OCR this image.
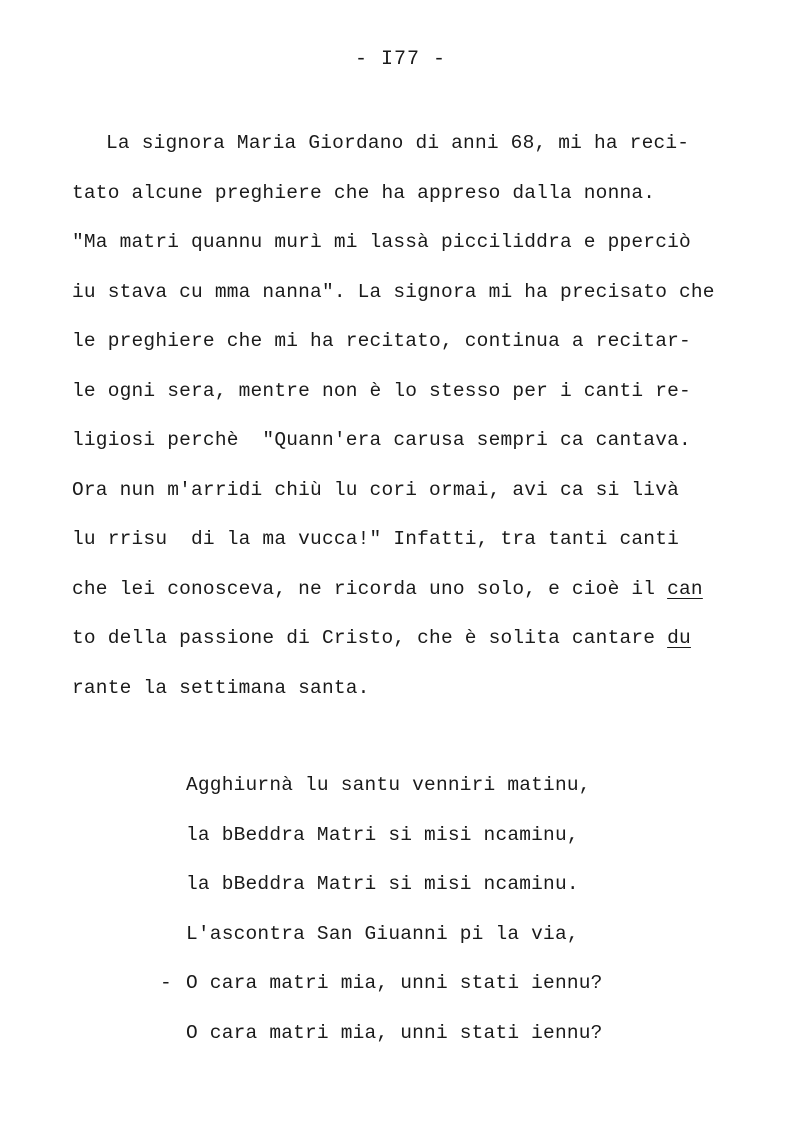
- I77 -
La signora Maria Giordano di anni 68, mi ha reci-
tato alcune preghiere che ha appreso dalla nonna.
"Ma matri quannu murì mi lassà picciliddra e pperciò
iu stava cu mma nanna". La signora mi ha precisato che
le preghiere che mi ha recitato, continua a recitar-
le ogni sera, mentre non è lo stesso per i canti re-
ligiosi perchè  "Quann'era carusa sempri ca cantava.
Ora nun m'arridi chiù lu cori ormai, avi ca si livà
lu rrisu  di la ma vucca!" Infatti, tra tanti canti
che lei conosceva, ne ricorda uno solo, e cioè il can
to della passione di Cristo, che è solita cantare du
rante la settimana santa.
Agghiurnà lu santu venniri matinu,
la bBeddra Matri si misi ncaminu,
la bBeddra Matri si misi ncaminu.
L'ascontra San Giuanni pi la via,
- O cara matri mia, unni stati iennu?
O cara matri mia, unni stati iennu?
